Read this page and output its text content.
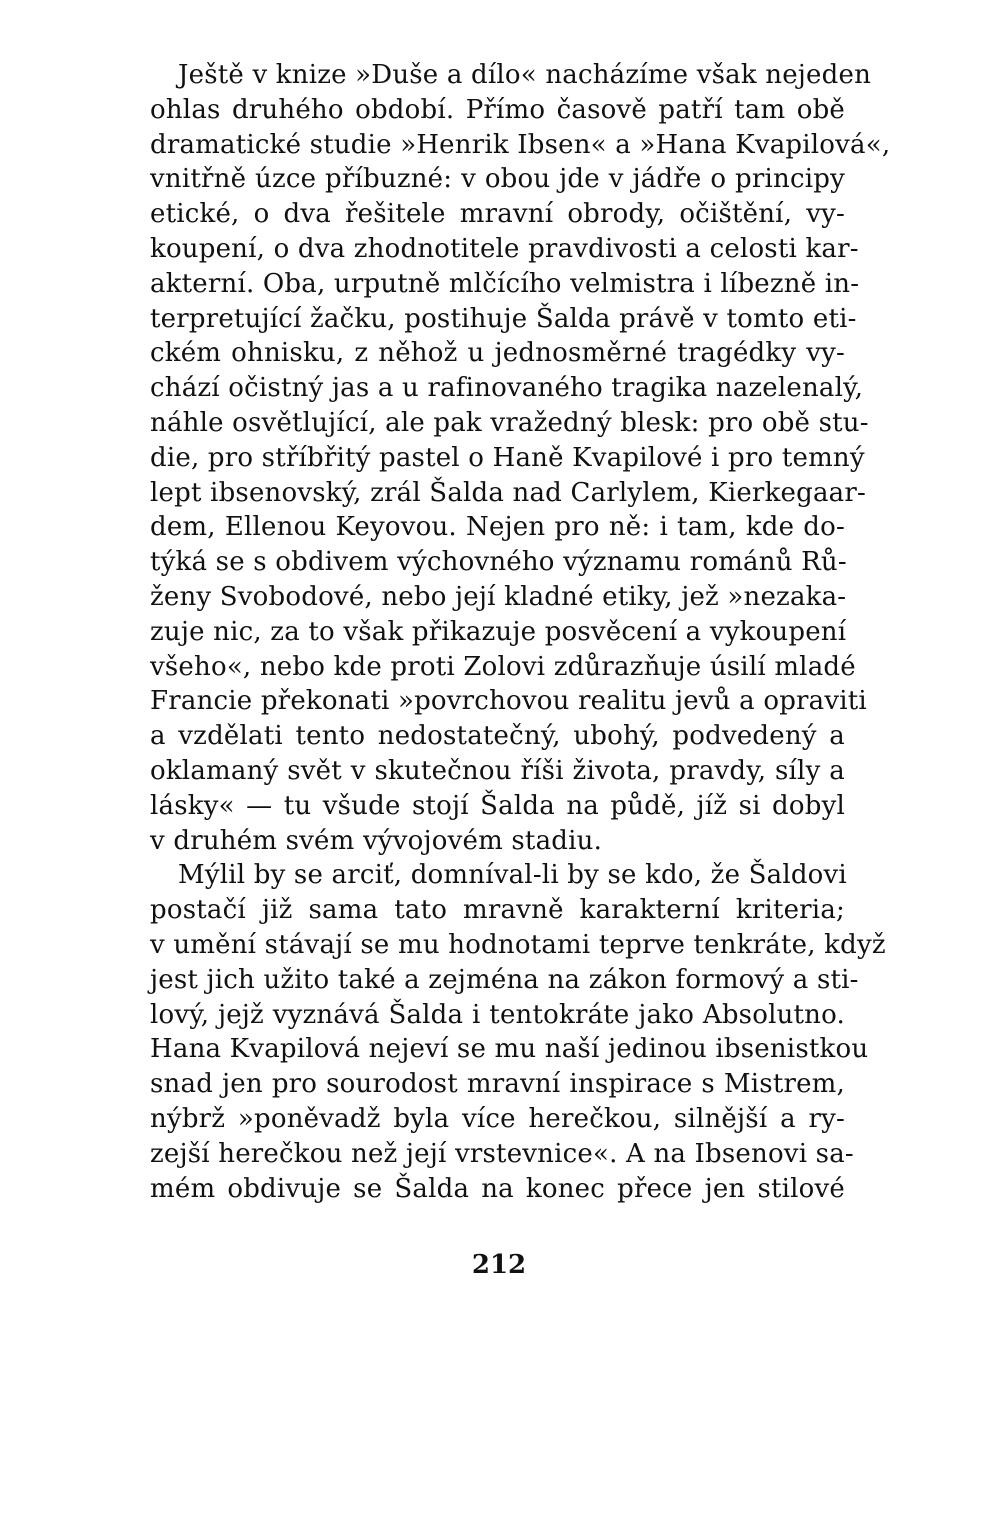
Ještě v knize »Duše a dílo« nacházíme však nejeden
ohlas druhého období. Přímo časově patří tam obě
dramatické studie »Henrik Ibsen« a »Hana Kvapilová«,
vnitřně úzce příbuzné: v obou jde v jádře o principy
etické, o dva řešitele mravní obrody, očištění, vy-
koupení, o dva zhodnotitele pravdivosti a celosti kar-
akterní. Oba, urputně mlčícího velmistra i líbezně in-
terpretující žačku, postihuje Šalda právě v tomto eti-
ckém ohnisku, z něhož u jednosměrné tragédky vy-
chází očistný jas a u rafinovaného tragika nazelenalý,
náhle osvětlující, ale pak vražedný blesk: pro obě stu-
die, pro stříbřitý pastel o Haně Kvapilové i pro temný
lept ibsenovský, zrál Šalda nad Carlylem, Kierkegaar-
dem, Ellenou Keyovou. Nejen pro ně: i tam, kde do-
týká se s obdivem výchovného významu románů Rů-
ženy Svobodové, nebo její kladné etiky, jež »nezaka-
zuje nic, za to však přikazuje posvěcení a vykoupení
všeho«, nebo kde proti Zolovi zdůrazňuje úsilí mladé
Francie překonati »povrchovou realitu jevů a opraviti
a vzdělati tento nedostatečný, ubohý, podvedený a
oklamaný svět v skutečnou říši života, pravdy, síly a
lásky« — tu všude stojí Šalda na půdě, jíž si dobyl
v druhém svém vývojovém stadiu.
Mýlil by se arciť, domníval-li by se kdo, že Šaldovi
postačí již sama tato mravně karakterní kriteria;
v umění stávají se mu hodnotami teprve tenkráte, když
jest jich užito také a zejména na zákon formový a sti-
lový, jejž vyznává Šalda i tentokráte jako Absolutno.
Hana Kvapilová nejeví se mu naší jedinou ibsenistkou
snad jen pro sourodost mravní inspirace s Mistrem,
nýbrž »poněvadž byla více herečkou, silnější a ry-
zejší herečkou než její vrstevnice«. A na Ibsenovi sa-
mém obdivuje se Šalda na konec přece jen stilové
212
